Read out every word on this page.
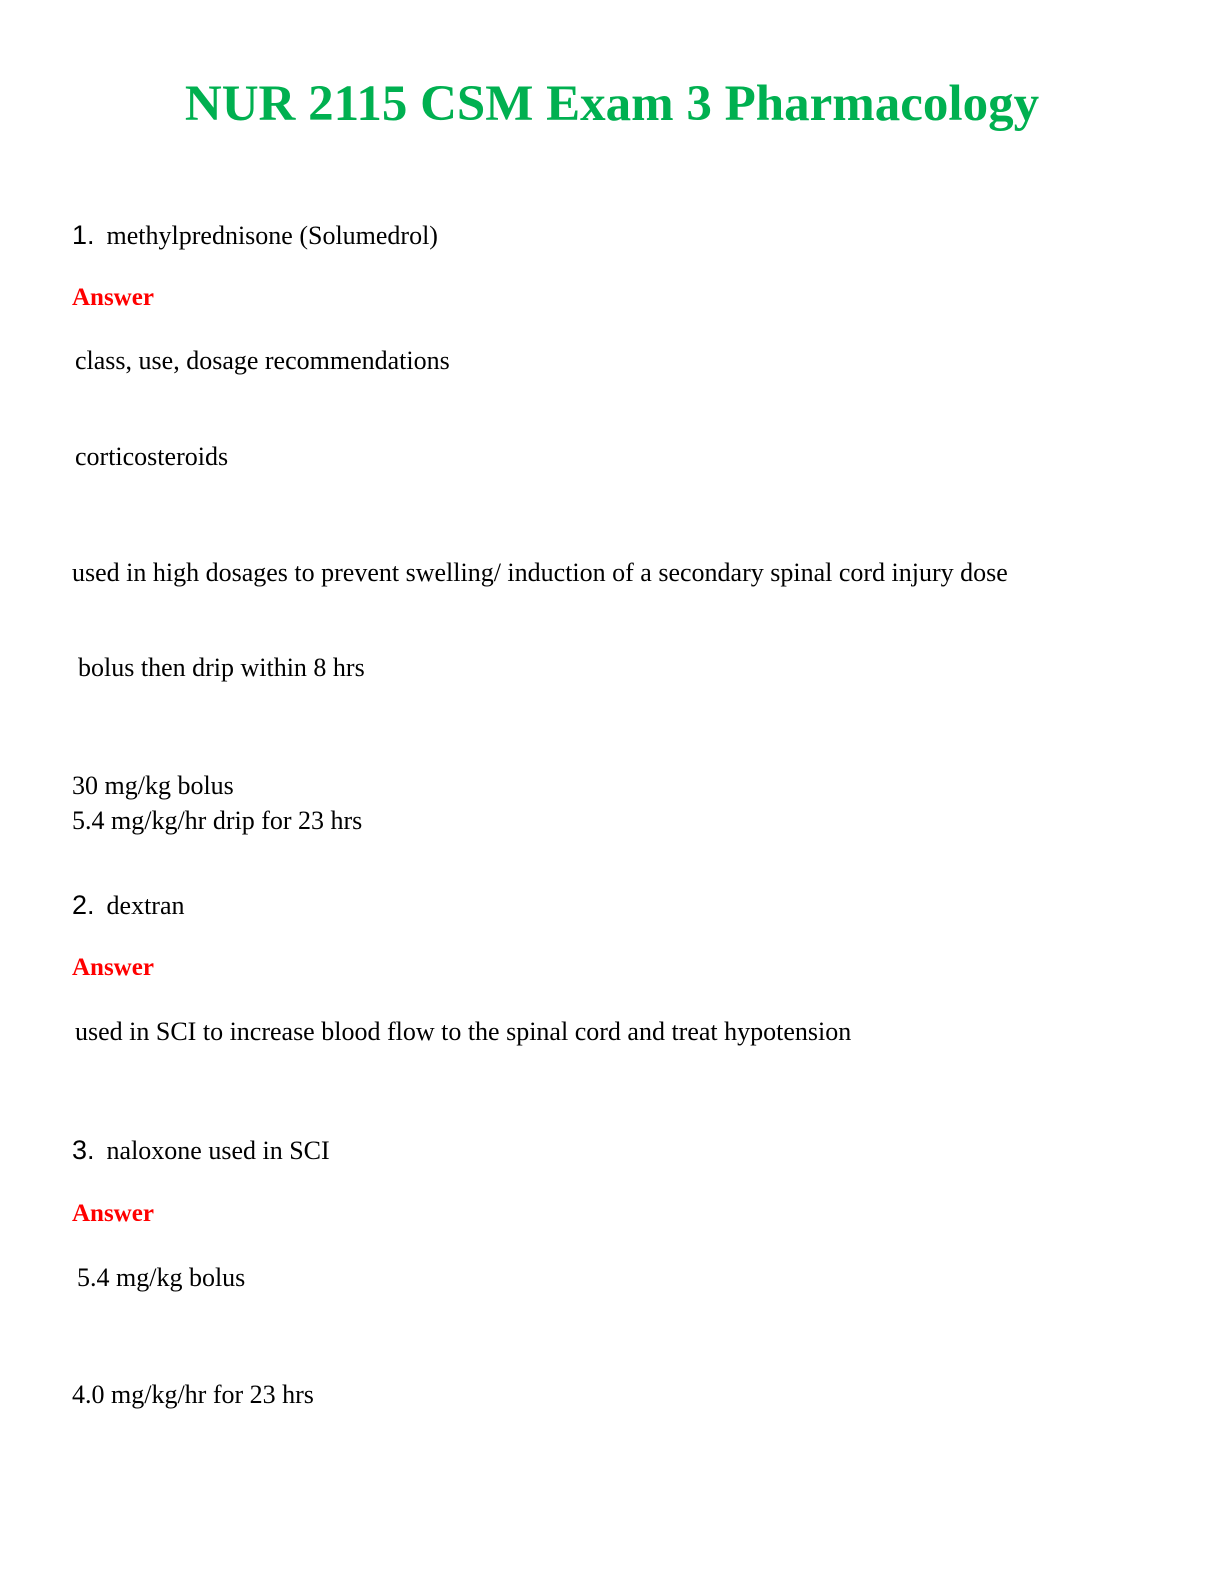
NUR 2115 CSM Exam 3 Pharmacology
1. methylprednisone (Solumedrol)
Answer
class, use, dosage recommendations
corticosteroids
used in high dosages to prevent swelling/ induction of a secondary spinal cord injury dose
bolus then drip within 8 hrs
30 mg/kg bolus
5.4 mg/kg/hr drip for 23 hrs
2. dextran
Answer
used in SCI to increase blood flow to the spinal cord and treat hypotension
3. naloxone used in SCI
Answer
5.4 mg/kg bolus
4.0 mg/kg/hr for 23 hrs
